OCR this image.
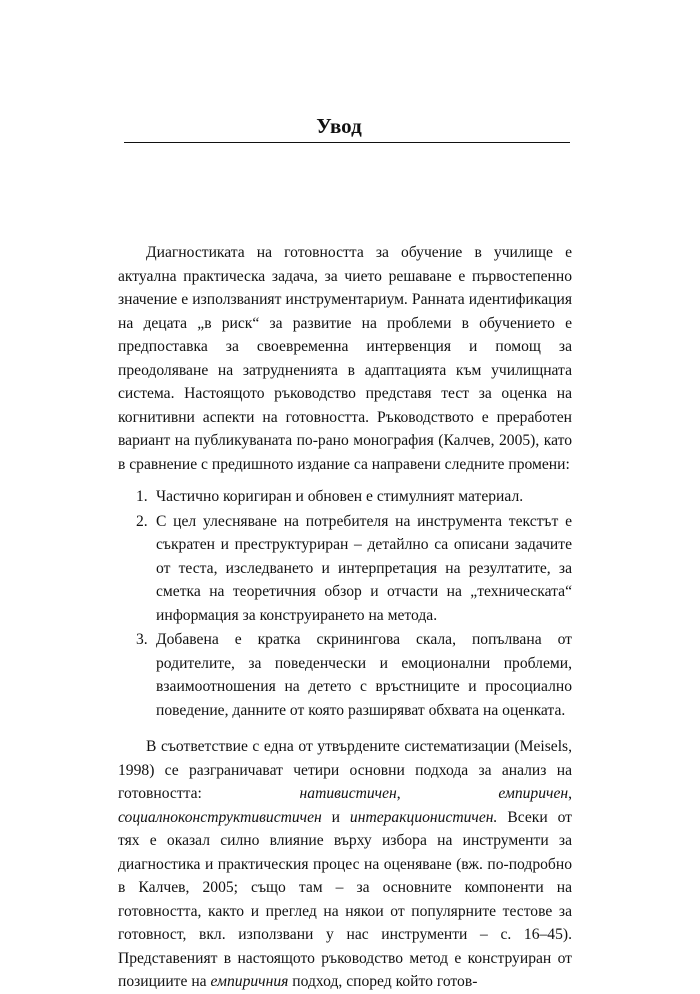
Увод

Диагностиката на готовността за обучение в училище е актуална практическа задача, за чието решаване е първостепенно значение е използваният инструментариум. Ранната идентификация на децата „в риск“ за развитие на проблеми в обучението е предпоставка за своевременна интервенция и помощ за преодоляване на затрудненията в адаптацията към училищната система. Настоящото ръководство представя тест за оценка на когнитивни аспекти на готовността. Ръководството е преработен вариант на публикуваната по-рано монография (Калчев, 2005), като в сравнение с предишното издание са направени следните промени:

1. Частично коригиран и обновен е стимулният материал.
2. С цел улесняване на потребителя на инструмента текстът е съкратен и преструктуриран – детайлно са описани задачите от теста, изследването и интерпретация на резултатите, за сметка на теоретичния обзор и отчасти на „техническата“ информация за конструирането на метода.
3. Добавена е кратка скринингова скала, попълвана от родителите, за поведенчески и емоционални проблеми, взаимоотношения на детето с връстниците и просоциално поведение, данните от която разширяват обхвата на оценката.

В съответствие с една от утвърдените систематизации (Meisels, 1998) се разграничават четири основни подхода за анализ на готовността: нативистичен, емпиричен, социалноконструктивистичен и интеракционистичен. Всеки от тях е оказал силно влияние върху избора на инструменти за диагностика и практическия процес на оценяване (вж. по-подробно в Калчев, 2005; също там – за основните компоненти на готовността, както и преглед на някои от популярните тестове за готовност, вкл. използвани у нас инструменти – с. 16–45). Представеният в настоящото ръководство метод е конструиран от позициите на емпиричния подход, според който готов-
